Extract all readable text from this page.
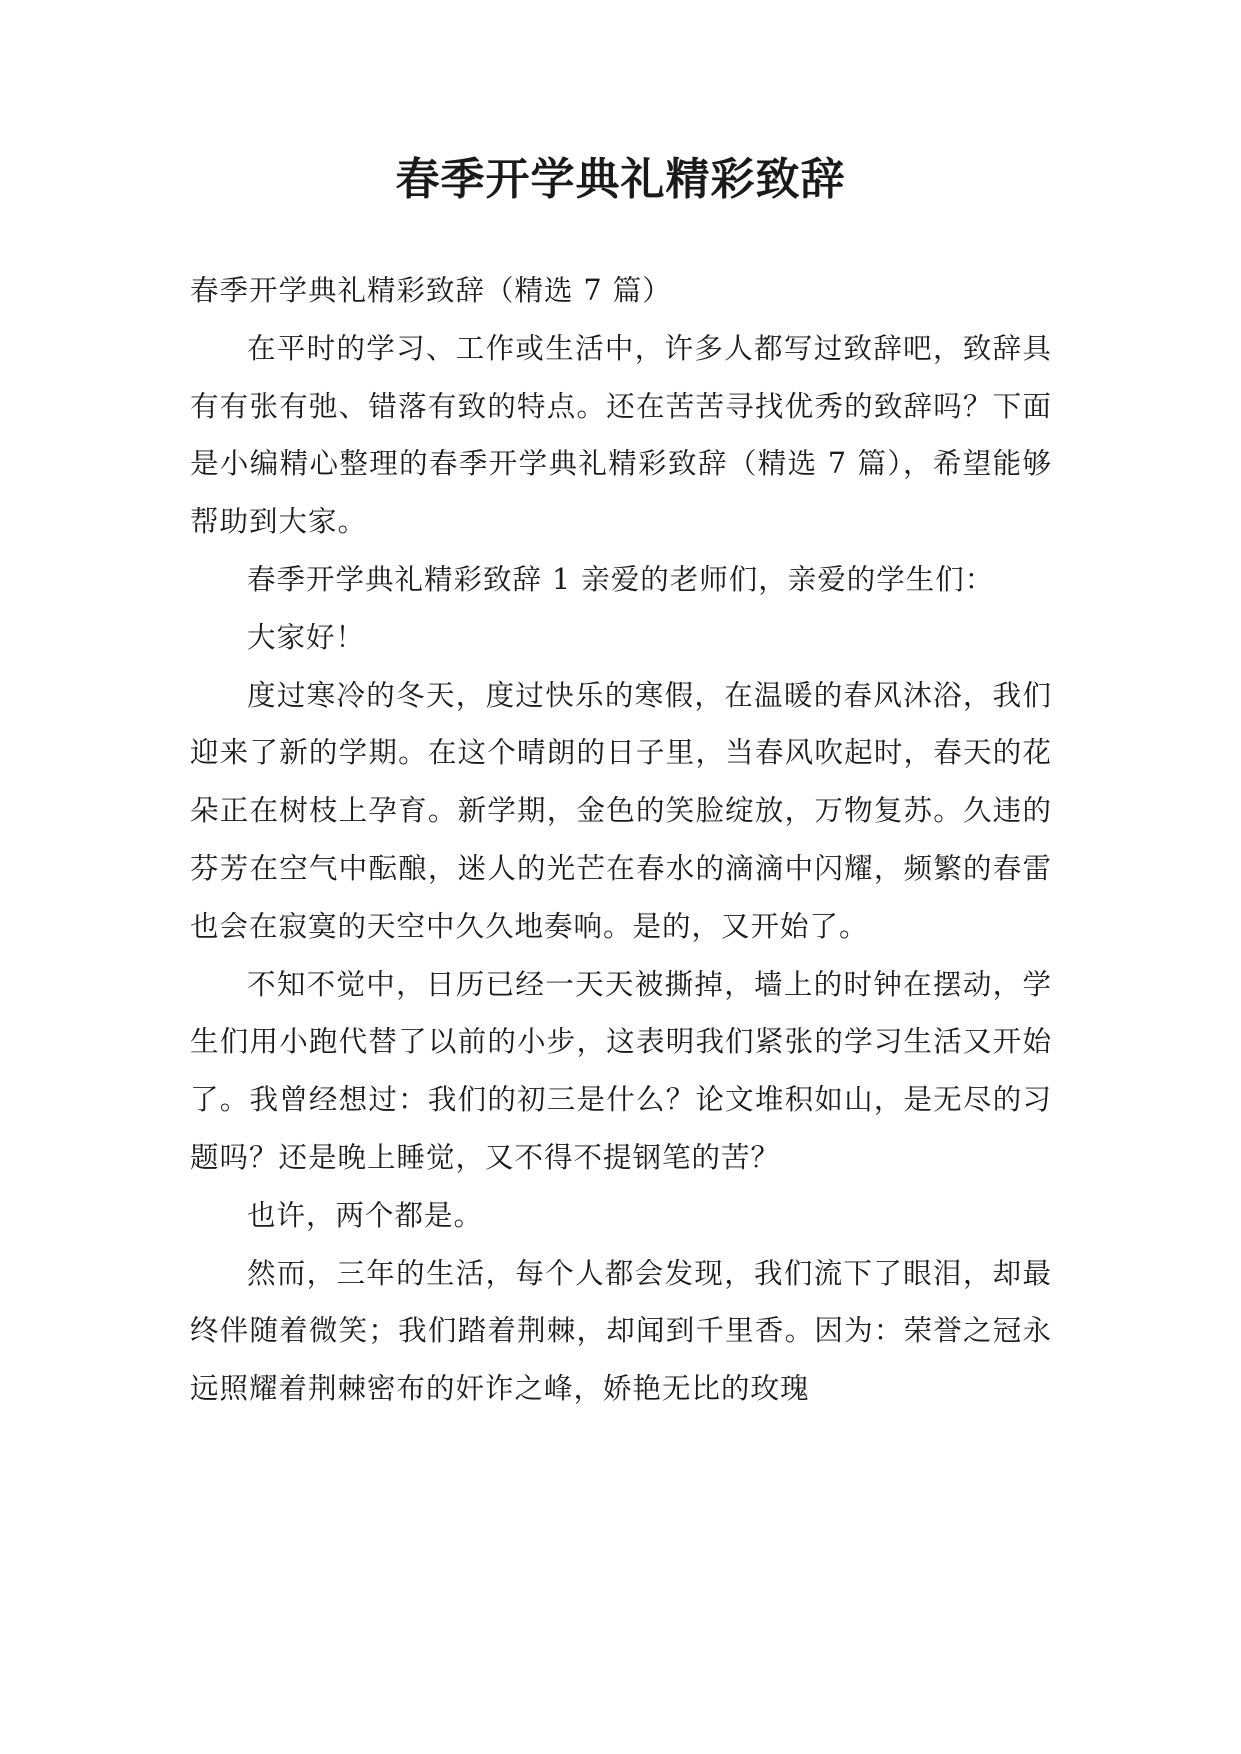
春季开学典礼精彩致辞

春季开学典礼精彩致辞（精选 7 篇）

在平时的学习、工作或生活中，许多人都写过致辞吧，致辞具有有张有弛、错落有致的特点。还在苦苦寻找优秀的致辞吗？下面是小编精心整理的春季开学典礼精彩致辞（精选 7 篇），希望能够帮助到大家。

春季开学典礼精彩致辞 1 亲爱的老师们，亲爱的学生们：

大家好！

度过寒冷的冬天，度过快乐的寒假，在温暖的春风沐浴，我们迎来了新的学期。在这个晴朗的日子里，当春风吹起时，春天的花朵正在树枝上孕育。新学期，金色的笑脸绽放，万物复苏。久违的芬芳在空气中酝酿，迷人的光芒在春水的滴滴中闪耀，频繁的春雷也会在寂寞的天空中久久地奏响。是的，又开始了。

不知不觉中，日历已经一天天被撕掉，墙上的时钟在摆动，学生们用小跑代替了以前的小步，这表明我们紧张的学习生活又开始了。我曾经想过：我们的初三是什么？论文堆积如山，是无尽的习题吗？还是晚上睡觉，又不得不提钢笔的苦？

也许，两个都是。

然而，三年的生活，每个人都会发现，我们流下了眼泪，却最终伴随着微笑；我们踏着荆棘，却闻到千里香。因为：荣誉之冠永远照耀着荆棘密布的奸诈之峰，娇艳无比的玫瑰
